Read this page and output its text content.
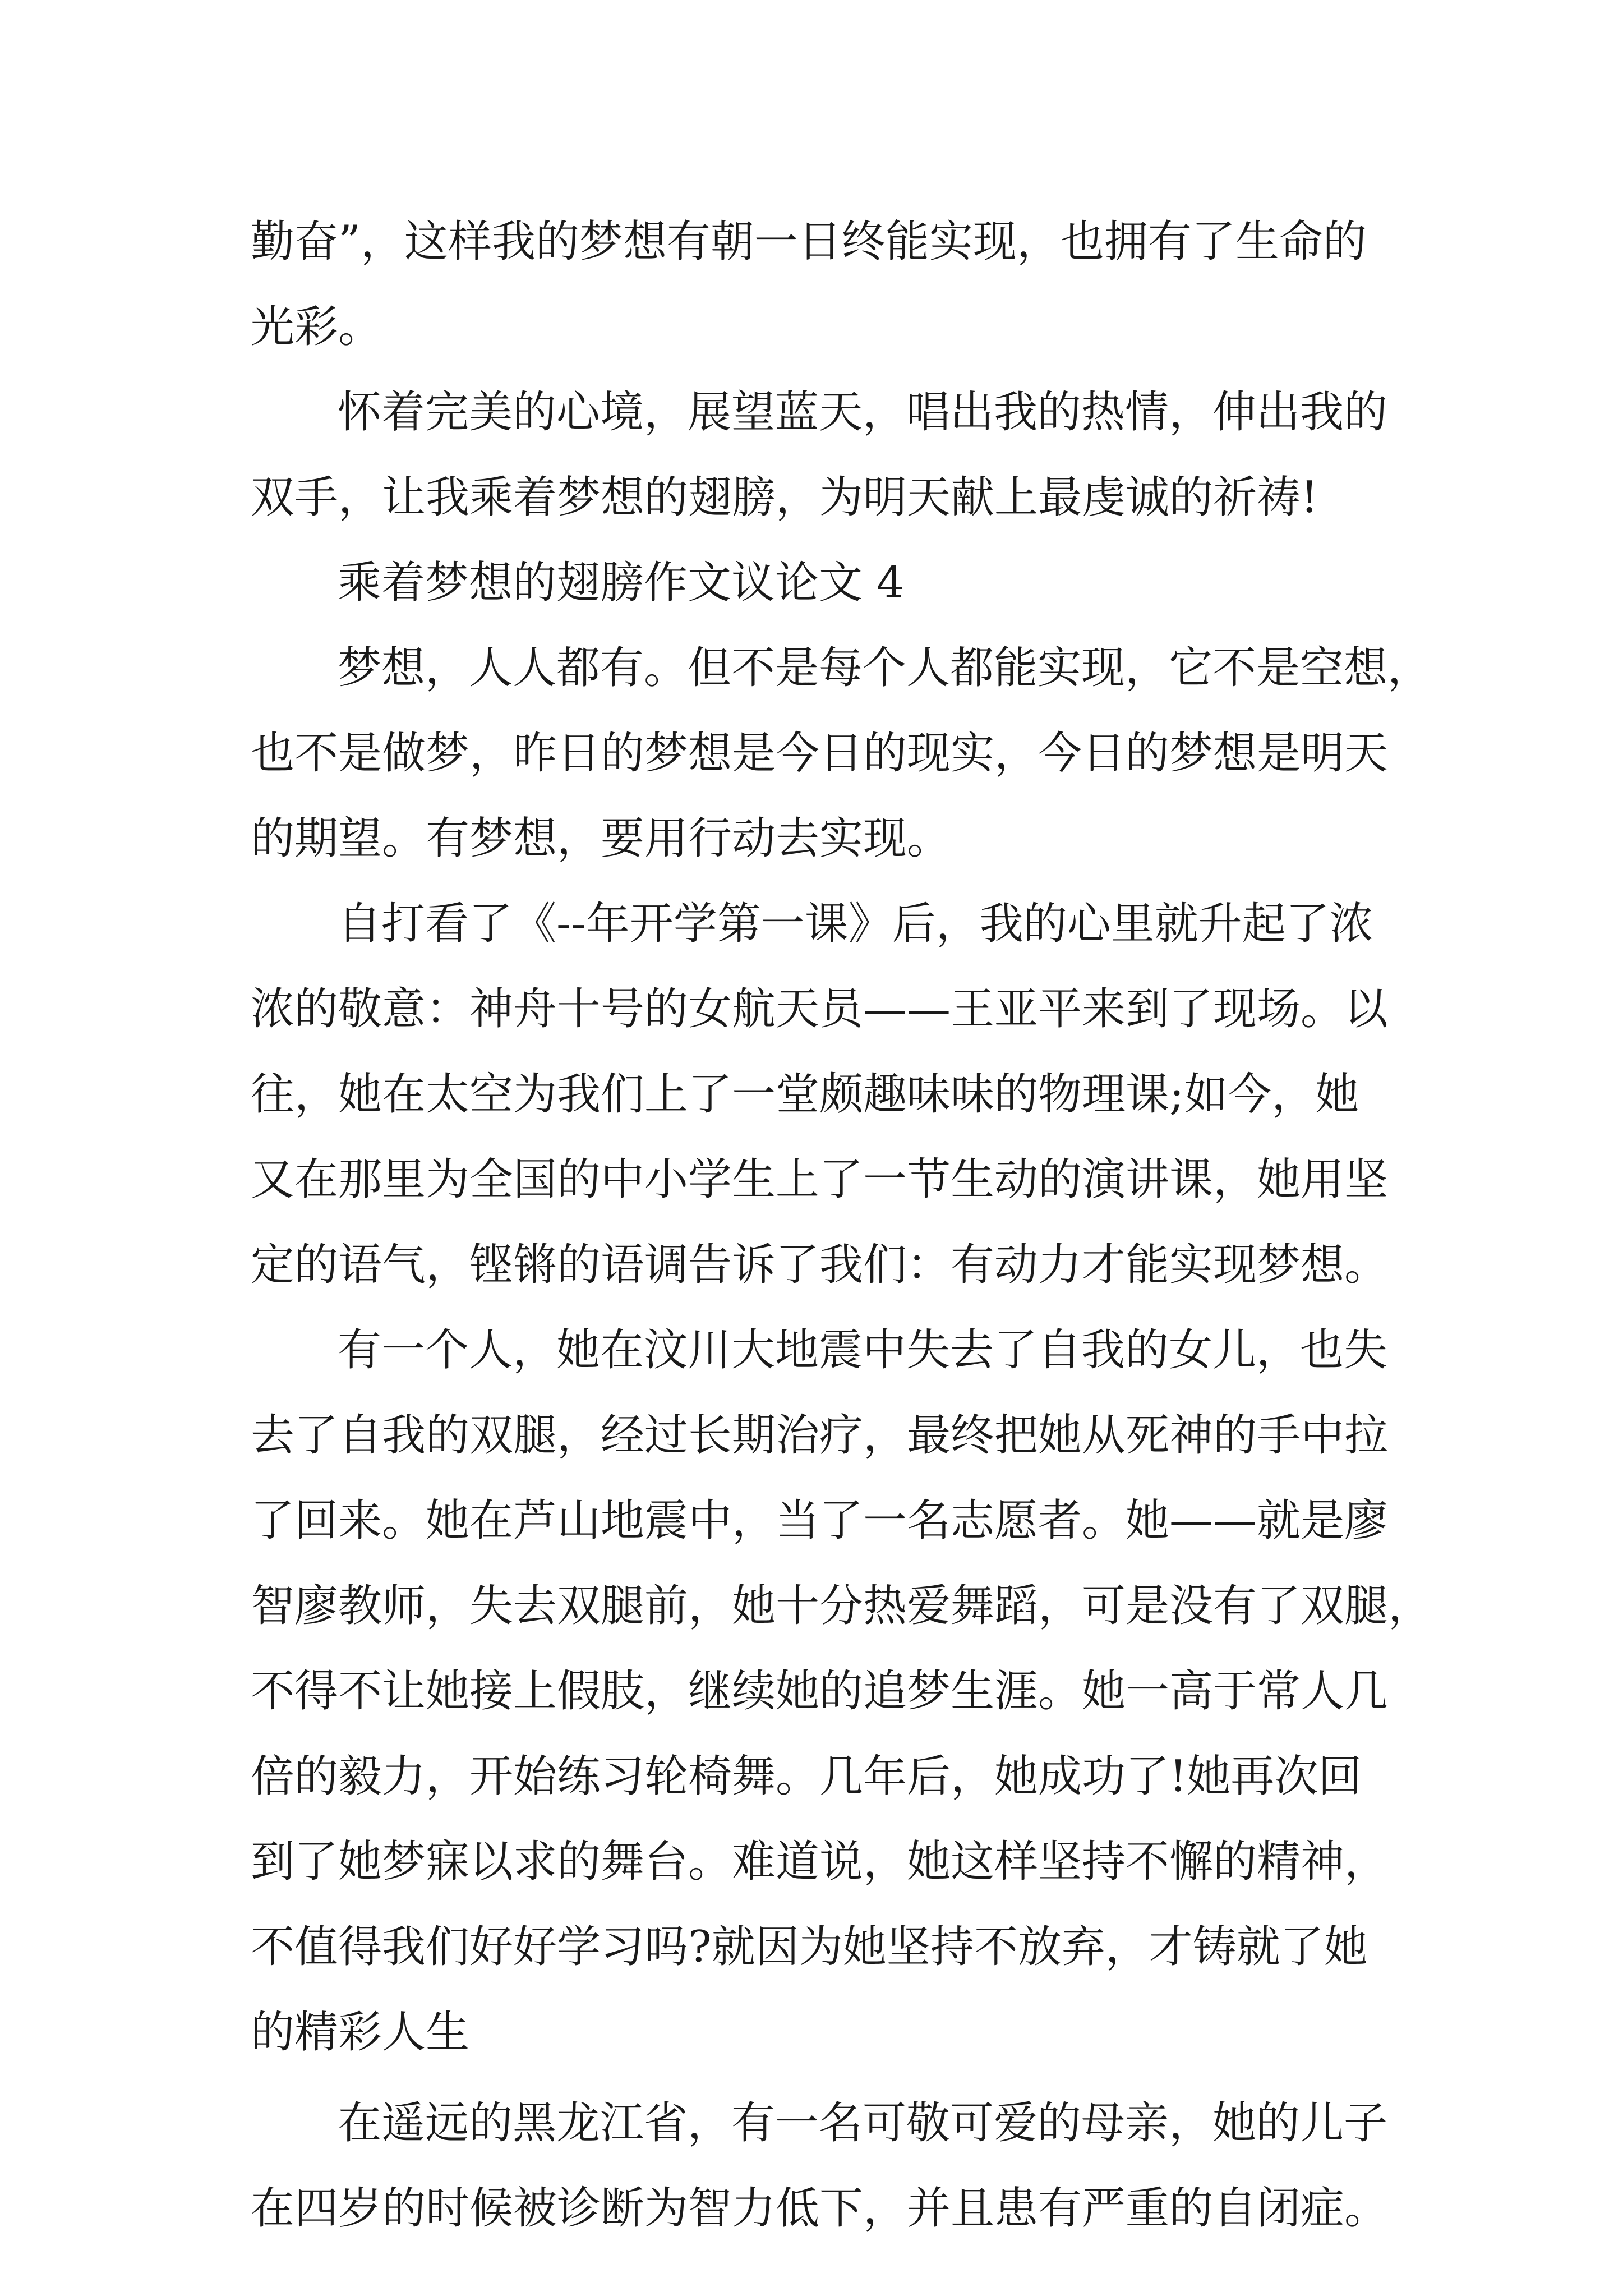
勤奋”，这样我的梦想有朝一日终能实现，也拥有了生命的
光彩。
怀着完美的心境，展望蓝天，唱出我的热情，伸出我的
双手，让我乘着梦想的翅膀，为明天献上最虔诚的祈祷!
乘着梦想的翅膀作文议论文 4
梦想，人人都有。但不是每个人都能实现，它不是空想，
也不是做梦，昨日的梦想是今日的现实，今日的梦想是明天
的期望。有梦想，要用行动去实现。
自打看了《--年开学第一课》后，我的心里就升起了浓
浓的敬意：神舟十号的女航天员——王亚平来到了现场。以
往，她在太空为我们上了一堂颇趣味味的物理课;如今，她
又在那里为全国的中小学生上了一节生动的演讲课，她用坚
定的语气，铿锵的语调告诉了我们：有动力才能实现梦想。
有一个人，她在汶川大地震中失去了自我的女儿，也失
去了自我的双腿，经过长期治疗，最终把她从死神的手中拉
了回来。她在芦山地震中，当了一名志愿者。她——就是廖
智廖教师，失去双腿前，她十分热爱舞蹈，可是没有了双腿，
不得不让她接上假肢，继续她的追梦生涯。她一高于常人几
倍的毅力，开始练习轮椅舞。几年后，她成功了!她再次回
到了她梦寐以求的舞台。难道说，她这样坚持不懈的精神，
不值得我们好好学习吗?就因为她坚持不放弃，才铸就了她
的精彩人生
在遥远的黑龙江省，有一名可敬可爱的母亲，她的儿子
在四岁的时候被诊断为智力低下，并且患有严重的自闭症。
